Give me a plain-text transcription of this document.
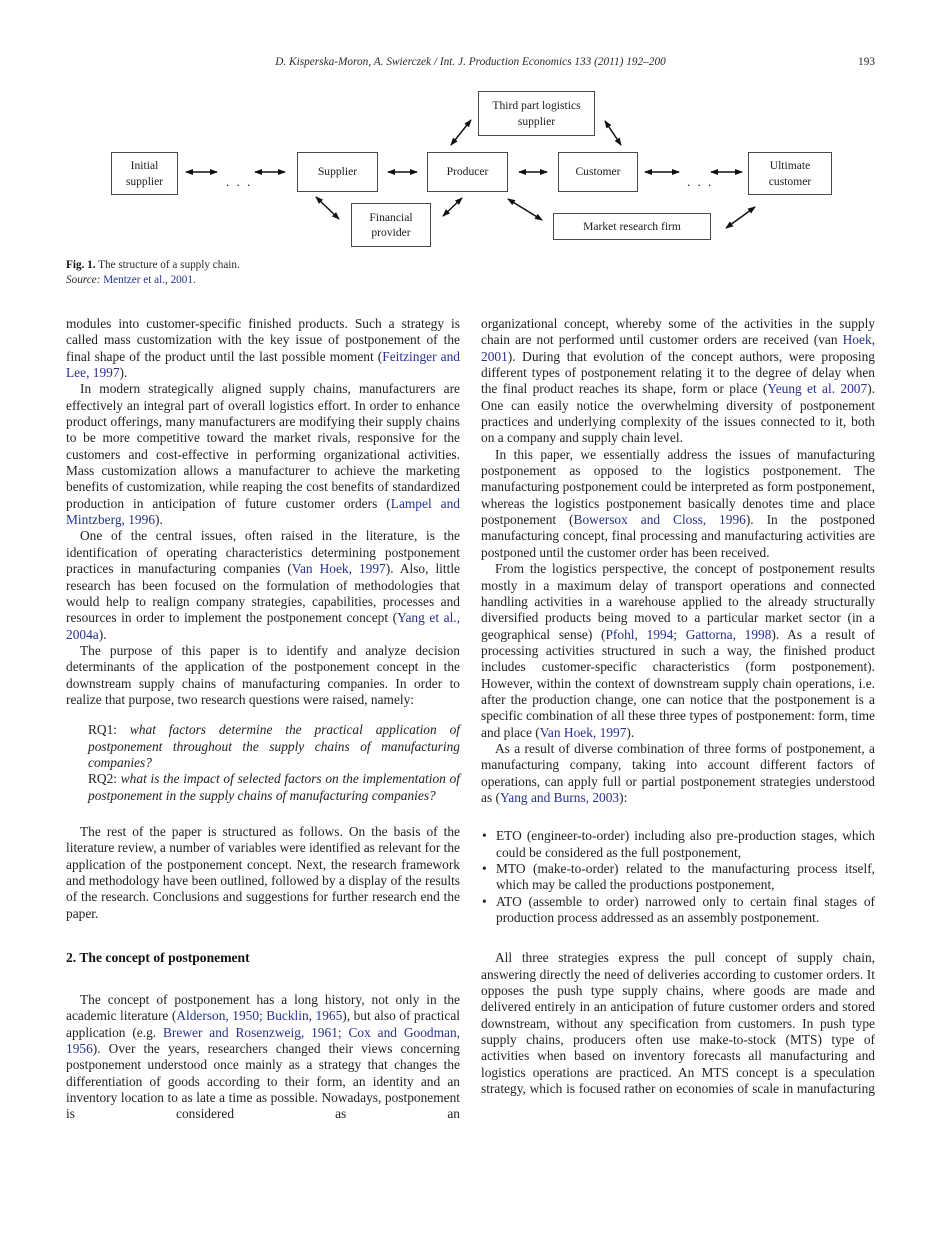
D. Kisperska-Moron, A. Swierczek / Int. J. Production Economics 133 (2011) 192–200	193
. . .	. . .
Initial supplier
Supplier	Producer	Customer	Ultimate customer
Third part logistics supplier
Financial provider	Market research firm
Fig. 1. The structure of a supply chain.
Source: Mentzer et al., 2001.

modules into customer-specific finished products. Such a strategy is called mass customization with the key issue of postponement of the final shape of the product until the last possible moment (Feitzinger and Lee, 1997).

In modern strategically aligned supply chains, manufacturers are effectively an integral part of overall logistics effort. In order to enhance product offerings, many manufacturers are modifying their supply chains to be more competitive toward the market rivals, responsive for the customers and cost-effective in performing organizational activities. Mass customization allows a manufacturer to achieve the marketing benefits of customization, while reaping the cost benefits of standardized production in anticipation of future customer orders (Lampel and Mintzberg, 1996).

One of the central issues, often raised in the literature, is the identification of operating characteristics determining postponement practices in manufacturing companies (Van Hoek, 1997). Also, little research has been focused on the formulation of methodologies that would help to realign company strategies, capabilities, processes and resources in order to implement the postponement concept (Yang et al., 2004a).

The purpose of this paper is to identify and analyze decision determinants of the application of the postponement concept in the downstream supply chains of manufacturing companies. In order to realize that purpose, two research questions were raised, namely:

RQ1: what factors determine the practical application of postponement throughout the supply chains of manufacturing companies?

RQ2: what is the impact of selected factors on the implementation of postponement in the supply chains of manufacturing companies?

The rest of the paper is structured as follows. On the basis of the literature review, a number of variables were identified as relevant for the application of the postponement concept. Next, the research framework and methodology have been outlined, followed by a display of the results of the research. Conclusions and suggestions for further research end the paper.

2. The concept of postponement

The concept of postponement has a long history, not only in the academic literature (Alderson, 1950; Bucklin, 1965), but also of practical application (e.g. Brewer and Rosenzweig, 1961; Cox and Goodman, 1956). Over the years, researchers changed their views concerning postponement understood once mainly as a strategy that changes the differentiation of goods according to their form, an identity and an inventory location to as late a time as possible. Nowadays, postponement is considered as an

organizational concept, whereby some of the activities in the supply chain are not performed until customer orders are received (van Hoek, 2001). During that evolution of the concept authors, were proposing different types of postponement relating it to the degree of delay when the final product reaches its shape, form or place (Yeung et al. 2007). One can easily notice the overwhelming diversity of postponement practices and underlying complexity of the issues connected to it, both on a company and supply chain level.

In this paper, we essentially address the issues of manufacturing postponement as opposed to the logistics postponement. The manufacturing postponement could be interpreted as form postponement, whereas the logistics postponement basically denotes time and place postponement (Bowersox and Closs, 1996). In the postponed manufacturing concept, final processing and manufacturing activities are postponed until the customer order has been received.

From the logistics perspective, the concept of postponement results mostly in a maximum delay of transport operations and connected handling activities in a warehouse applied to the already structurally diversified products being moved to a particular market sector (in a geographical sense) (Pfohl, 1994; Gattorna, 1998). As a result of processing activities structured in such a way, the finished product includes customer-specific characteristics (form postponement). However, within the context of downstream supply chain operations, i.e. after the production change, one can notice that the postponement is a specific combination of all these three types of postponement: form, time and place (Van Hoek, 1997).

As a result of diverse combination of three forms of postponement, a manufacturing company, taking into account different factors of operations, can apply full or partial postponement strategies understood as (Yang and Burns, 2003):

• ETO (engineer-to-order) including also pre-production stages, which could be considered as the full postponement,
• MTO (make-to-order) related to the manufacturing process itself, which may be called the productions postponement,
• ATO (assemble to order) narrowed only to certain final stages of production process addressed as an assembly postponement.

All three strategies express the pull concept of supply chain, answering directly the need of deliveries according to customer orders. It opposes the push type supply chains, where goods are made and delivered entirely in an anticipation of future customer orders and stored downstream, without any specification from customers. In push type supply chains, producers often use make-to-stock (MTS) type of activities when based on inventory forecasts all manufacturing and logistics operations are practiced. An MTS concept is a speculation strategy, which is focused rather on economies of scale in manufacturing
